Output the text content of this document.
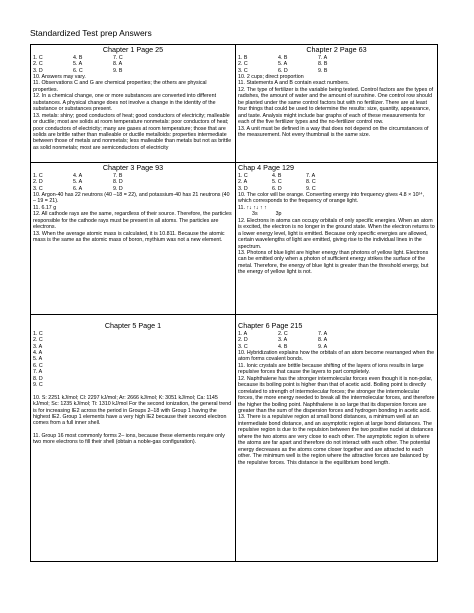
Standardized Test prep Answers
Chapter 1 Page 25
1. C	4. B	7. C
2. C	5. A	8. A
3. D	6. C	9. B

10. Answers may vary.

11. Observations C and G are chemical properties; the others are physical properties.

12. In a chemical change, one or more substances are converted into different substances. A physical change does not involve a change in the identity of the substance or substances present.

13. metals: shiny; good conductors of heat; good conductors of electricity; malleable or ductile; most are solids at room temperature nonmetals: poor conductors of heat; poor conductors of electricity; many are gases at room temperature; those that are solids are brittle rather than malleable or ductile metalloids: properties intermediate between those of metals and nonmetals; less malleable than metals but not as brittle as solid nonmetals; most are semiconductors of electricity

Chapter 2 Page 63
1. B	4. B	7. A
2. C	5. A	8. B
3. C	6. D	9. B

10. 2 cups; direct proportion

11. Statements A and B contain exact numbers.

12. The type of fertilizer is the variable being tested. Control factors are the types of radishes, the amount of water and the amount of sunshine. One control row should be planted under the same control factors but with no fertilizer. There are at least four things that could be used to determine the results: size, quantity, appearance, and taste. Analysis might include bar graphs of each of these measurements for each of the five fertilizer types and the no-fertilizer control row.

13. A unit must be defined in a way that does not depend on the circumstances of the measurement. Not every thumbnail is the same size.

Chapter 3 Page 93
1. C	4. A	7. B
2. D	5. A	8. D
3. C	6. A	9. D

10. Argon-40 has 22 neutrons (40 –18 = 22), and potassium-40 has 21 neutrons (40 – 19 = 21).

11. 6.17 g

12. All cathode rays are the same, regardless of their source. Therefore, the particles responsible for the cathode rays must be present in all atoms. The particles are electrons.

13. When the average atomic mass is calculated, it is 10.811. Because the atomic mass is the same as the atomic mass of boron, mythium was not a new element.

Chap 4 Page 129
1. C	4. B	7. A
2. A	5. C	8. C
3. D	6. D	9. C

10. The color will be orange. Converting energy into frequency gives 4.8 × 10¹⁴, which corresponds to the frequency of orange light.

11. ↑↓ ↑↓ ↑ ↑
3s	3p

12. Electrons in atoms can occupy orbitals of only specific energies. When an atom is excited, the electron is no longer in the ground state. When the electron returns to a lower energy level, light is emitted. Because only specific energies are allowed, certain wavelengths of light are emitted, giving rise to the individual lines in the spectrum.

13. Photons of blue light are higher energy than photons of yellow light. Electrons can be emitted only when a photon of sufficient energy strikes the surface of the metal. Therefore, the energy of blue light is greater than the threshold energy, but the energy of yellow light is not.

Chapter 5 Page 1

1. C

2. C

3. A

4. A

5. A

6. C

7. A

8. D

9. C

10. S: 2251 kJ/mol; Cl: 2297 kJ/mol; Ar: 2666 kJ/mol; K: 3051 kJ/mol; Ca: 1145 kJ/mol; Sc: 1235 kJ/mol; Ti: 1310 kJ/mol For the second ionization, the general trend is for increasing IE2 across the period in Groups 2–18 with Group 1 having the highest IE2. Group 1 elements have a very high IE2 because their second electron comes from a full inner shell.

11. Group 16 most commonly forms 2– ions, because these elements require only two more electrons to fill their shell (obtain a noble-gas configuration).

Chapter 6 Page 215
1. A	2. C	7. A
2. D	3. A	8. A
3. C	4. B	9. A

10. Hybridization explains how the orbitals of an atom become rearranged when the atom forms covalent bonds.

11. Ionic crystals are brittle because shifting of the layers of ions results in large repulsive forces that cause the layers to part completely.

12. Naphthalene has the stronger intermolecular forces even though it is non-polar, because its boiling point is higher than that of acetic acid. Boiling point is directly correlated to strength of intermolecular forces; the stronger the intermolecular forces, the more energy needed to break all the intermolecular forces, and therefore the higher the boiling point. Naphthalene is so large that its dispersion forces are greater than the sum of the dispersion forces and hydrogen bonding in acetic acid.

13. There is a repulsive region at small bond distances, a minimum well at an intermediate bond distance, and an asymptotic region at large bond distances. The repulsive region is due to the repulsion between the two positive nuclei at distances where the two atoms are very close to each other. The asymptotic region is where the atoms are far apart and therefore do not interact with each other. The potential energy decreases as the atoms come closer together and are attracted to each other. The minimum well is the region where the attractive forces are balanced by the repulsive forces. This distance is the equilibrium bond length.
